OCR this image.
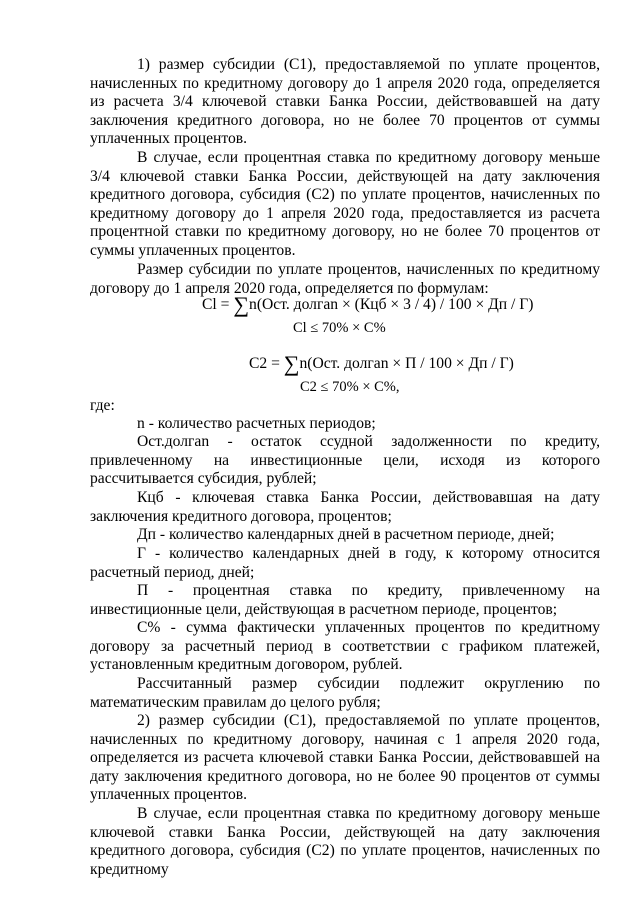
1) размер субсидии (С1), предоставляемой по уплате процентов, начисленных по кредитному договору до 1 апреля 2020 года, определяется из расчета 3/4 ключевой ставки Банка России, действовавшей на дату заключения кредитного договора, но не более 70 процентов от суммы уплаченных процентов.

В случае, если процентная ставка по кредитному договору меньше 3/4 ключевой ставки Банка России, действующей на дату заключения кредитного договора, субсидия (С2) по уплате процентов, начисленных по кредитному договору до 1 апреля 2020 года, предоставляется из расчета процентной ставки по кредитному договору, но не более 70 процентов от суммы уплаченных процентов.

Размер субсидии по уплате процентов, начисленных по кредитному договору до 1 апреля 2020 года, определяется по формулам:

Cl = ∑n(Ост. долгan × (Кцб × 3 / 4) / 100 × Дп / Г)
Cl ≤ 70% × С%
C2 = ∑n(Ост. долгan × П / 100 × Дп / Г)
C2 ≤ 70% × С%,

где:

n - количество расчетных периодов;

Ост.долгan - остаток ссудной задолженности по кредиту, привлеченному на инвестиционные цели, исходя из которого рассчитывается субсидия, рублей;

Кцб - ключевая ставка Банка России, действовавшая на дату заключения кредитного договора, процентов;

Дп - количество календарных дней в расчетном периоде, дней;

Г - количество календарных дней в году, к которому относится расчетный период, дней;

П - процентная ставка по кредиту, привлеченному на инвестиционные цели, действующая в расчетном периоде, процентов;

С% - сумма фактически уплаченных процентов по кредитному договору за расчетный период в соответствии с графиком платежей, установленным кредитным договором, рублей.

Рассчитанный размер субсидии подлежит округлению по математическим правилам до целого рубля;

2) размер субсидии (С1), предоставляемой по уплате процентов, начисленных по кредитному договору, начиная с 1 апреля 2020 года, определяется из расчета ключевой ставки Банка России, действовавшей на дату заключения кредитного договора, но не более 90 процентов от суммы уплаченных процентов.

В случае, если процентная ставка по кредитному договору меньше ключевой ставки Банка России, действующей на дату заключения кредитного договора, субсидия (С2) по уплате процентов, начисленных по кредитному
